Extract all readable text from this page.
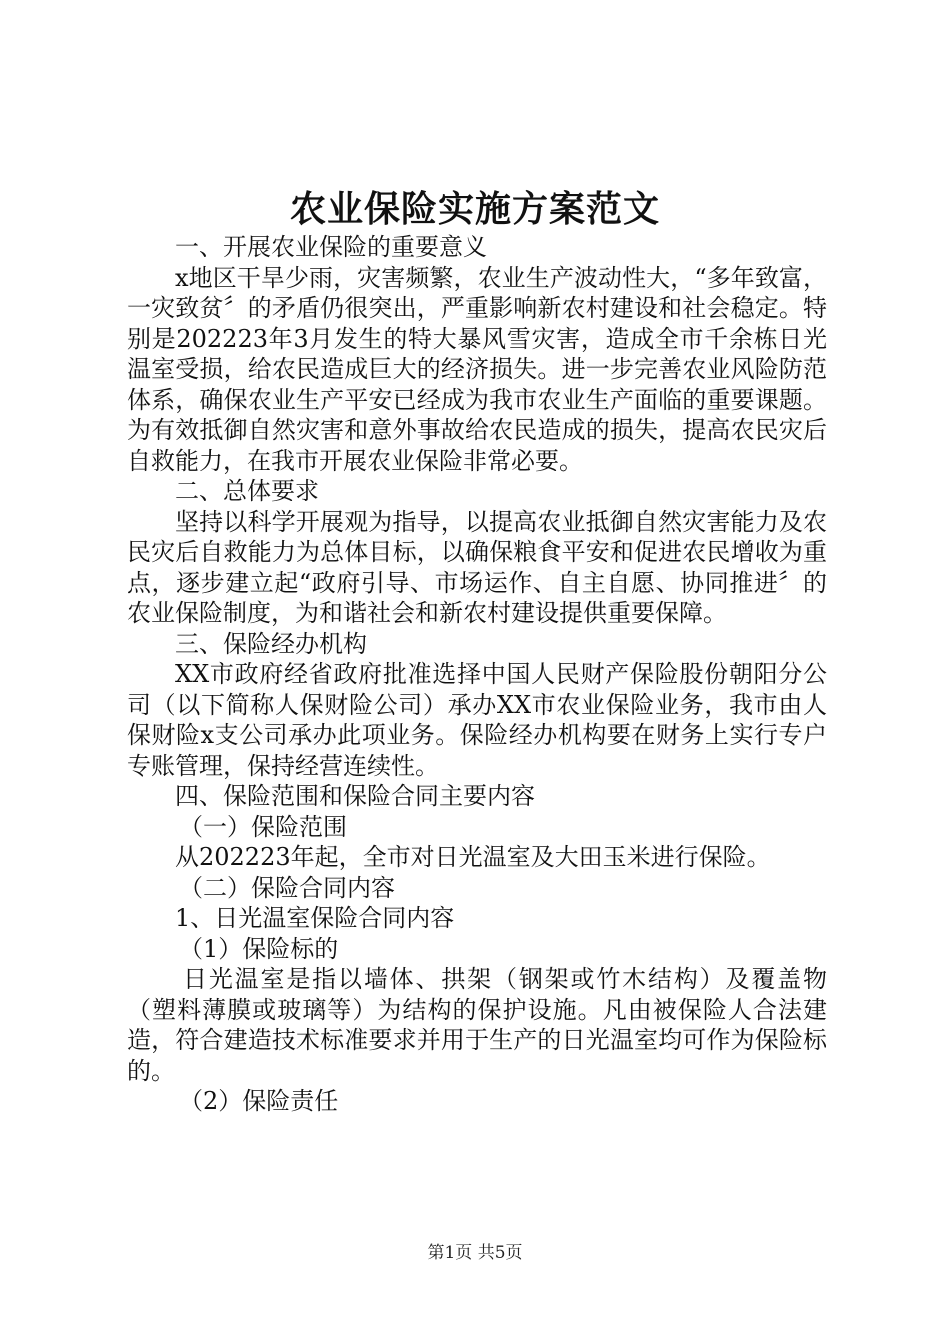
农业保险实施方案范文

一、开展农业保险的重要意义

x地区干旱少雨，灾害频繁，农业生产波动性大，“多年致富，一灾致贫〞的矛盾仍很突出，严重影响新农村建设和社会稳定。特别是202223年3月发生的特大暴风雪灾害，造成全市千余栋日光温室受损，给农民造成巨大的经济损失。进一步完善农业风险防范体系，确保农业生产平安已经成为我市农业生产面临的重要课题。为有效抵御自然灾害和意外事故给农民造成的损失，提高农民灾后自救能力，在我市开展农业保险非常必要。

二、总体要求

坚持以科学开展观为指导，以提高农业抵御自然灾害能力及农民灾后自救能力为总体目标，以确保粮食平安和促进农民增收为重点，逐步建立起“政府引导、市场运作、自主自愿、协同推进〞的农业保险制度，为和谐社会和新农村建设提供重要保障。

三、保险经办机构

XX市政府经省政府批准选择中国人民财产保险股份朝阳分公司（以下简称人保财险公司）承办XX市农业保险业务，我市由人保财险x支公司承办此项业务。保险经办机构要在财务上实行专户专账管理，保持经营连续性。

四、保险范围和保险合同主要内容

（一）保险范围

从202223年起，全市对日光温室及大田玉米进行保险。

（二）保险合同内容

1、日光温室保险合同内容

（1）保险标的

日光温室是指以墙体、拱架（钢架或竹木结构）及覆盖物（塑料薄膜或玻璃等）为结构的保护设施。凡由被保险人合法建造，符合建造技术标准要求并用于生产的日光温室均可作为保险标的。

（2）保险责任

第1页 共5页
